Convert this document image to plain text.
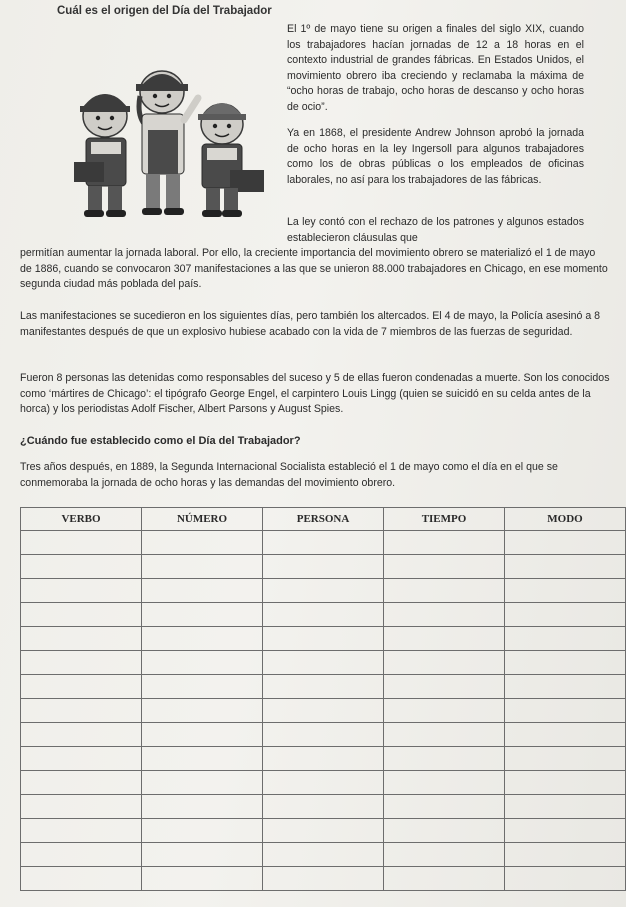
Cuál es el origen del Día del Trabajador

El 1º de mayo tiene su origen a finales del siglo XIX, cuando los trabajadores hacían jornadas de 12 a 18 horas en el contexto industrial de grandes fábricas. En Estados Unidos, el movimiento obrero iba creciendo y reclamaba la máxima de “ocho horas de trabajo, ocho horas de descanso y ocho horas de ocio”.

Ya en 1868, el presidente Andrew Johnson aprobó la jornada de ocho horas en la ley Ingersoll para algunos trabajadores como los de obras públicas o los empleados de oficinas laborales, no así para los trabajadores de las fábricas.

La ley contó con el rechazo de los patrones y algunos estados establecieron cláusulas que

permitían aumentar la jornada laboral. Por ello, la creciente importancia del movimiento obrero se materializó el 1 de mayo de 1886, cuando se convocaron 307 manifestaciones a las que se unieron 88.000 trabajadores en Chicago, en ese momento segunda ciudad más poblada del país.

Las manifestaciones se sucedieron en los siguientes días, pero también los altercados. El 4 de mayo, la Policía asesinó a 8 manifestantes después de que un explosivo hubiese acabado con la vida de 7 miembros de las fuerzas de seguridad.

Fueron 8 personas las detenidas como responsables del suceso y 5 de ellas fueron condenadas a muerte. Son los conocidos como ‘mártires de Chicago’: el tipógrafo George Engel, el carpintero Louis Lingg (quien se suicidó en su celda antes de la horca) y los periodistas Adolf Fischer, Albert Parsons y August Spies.

¿Cuándo fue establecido como el Día del Trabajador?

Tres años después, en 1889, la Segunda Internacional Socialista estableció el 1 de mayo como el día en el que se conmemoraba la jornada de ocho horas y las demandas del movimiento obrero.

VERBO	NÚMERO	PERSONA	TIEMPO	MODO
